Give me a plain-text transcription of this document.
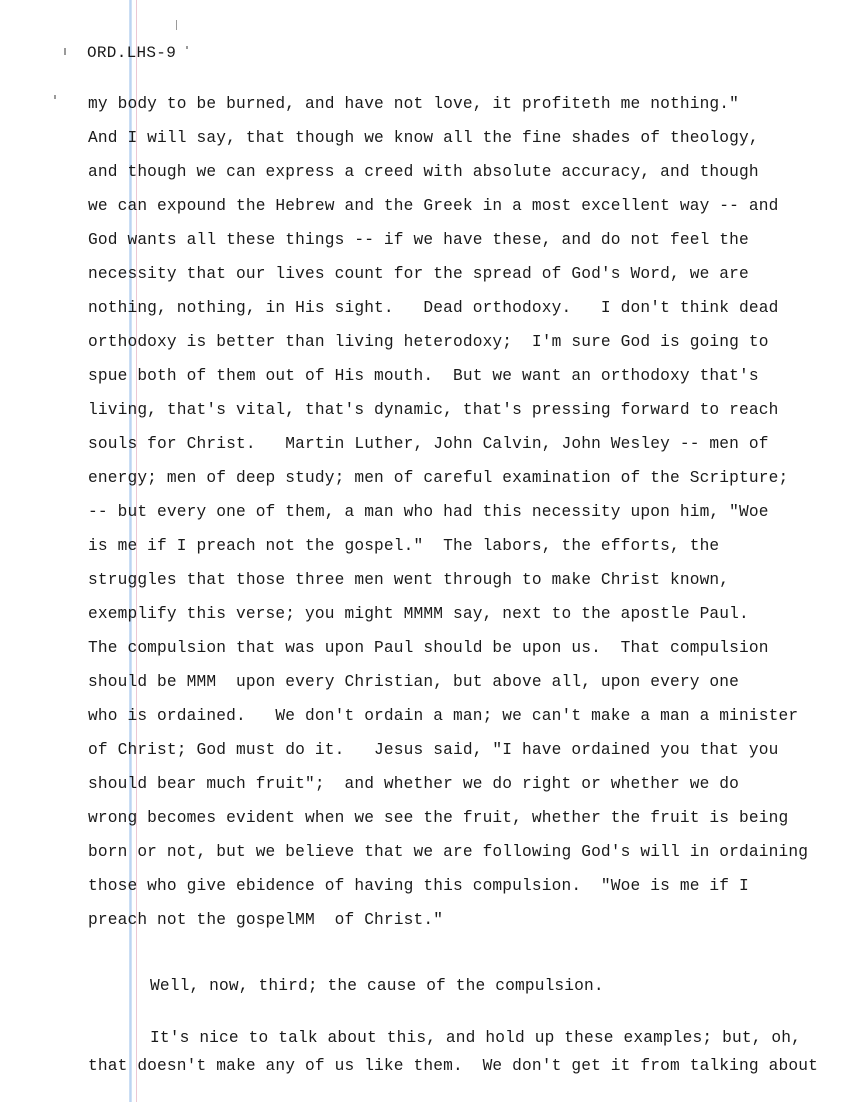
ORD.LHS-9
my body to be burned, and have not love, it profiteth me nothing."
And I will say, that though we know all the fine shades of theology,
and though we can express a creed with absolute accuracy, and though
we can expound the Hebrew and the Greek in a most excellent way -- and
God wants all these things -- if we have these, and do not feel the
necessity that our lives count for the spread of God's Word, we are
nothing, nothing, in His sight.   Dead orthodoxy.   I don't think dead
orthodoxy is better than living heterodoxy;  I'm sure God is going to
spue both of them out of His mouth.  But we want an orthodoxy that's
living, that's vital, that's dynamic, that's pressing forward to reach
souls for Christ.   Martin Luther, John Calvin, John Wesley -- men of
energy; men of deep study; men of careful examination of the Scripture;
-- but every one of them, a man who had this necessity upon him, "Woe
is me if I preach not the gospel."  The labors, the efforts, the
struggles that those three men went through to make Christ known,
exemplify this verse; you might MMMM say, next to the apostle Paul.
The compulsion that was upon Paul should be upon us.  That compulsion
should be MMM  upon every Christian, but above all, upon every one
who is ordained.   We don't ordain a man; we can't make a man a minister
of Christ; God must do it.   Jesus said, "I have ordained you that you
should bear much fruit";  and whether we do right or whether we do
wrong becomes evident when we see the fruit, whether the fruit is being
born or not, but we believe that we are following God's will in ordaining
those who give ebidence of having this compulsion.  "Woe is me if I
preach not the gospelMM  of Christ."
Well, now, third; the cause of the compulsion.
It's nice to talk about this, and hold up these examples; but, oh,
that doesn't make any of us like them.  We don't get it from talking about
